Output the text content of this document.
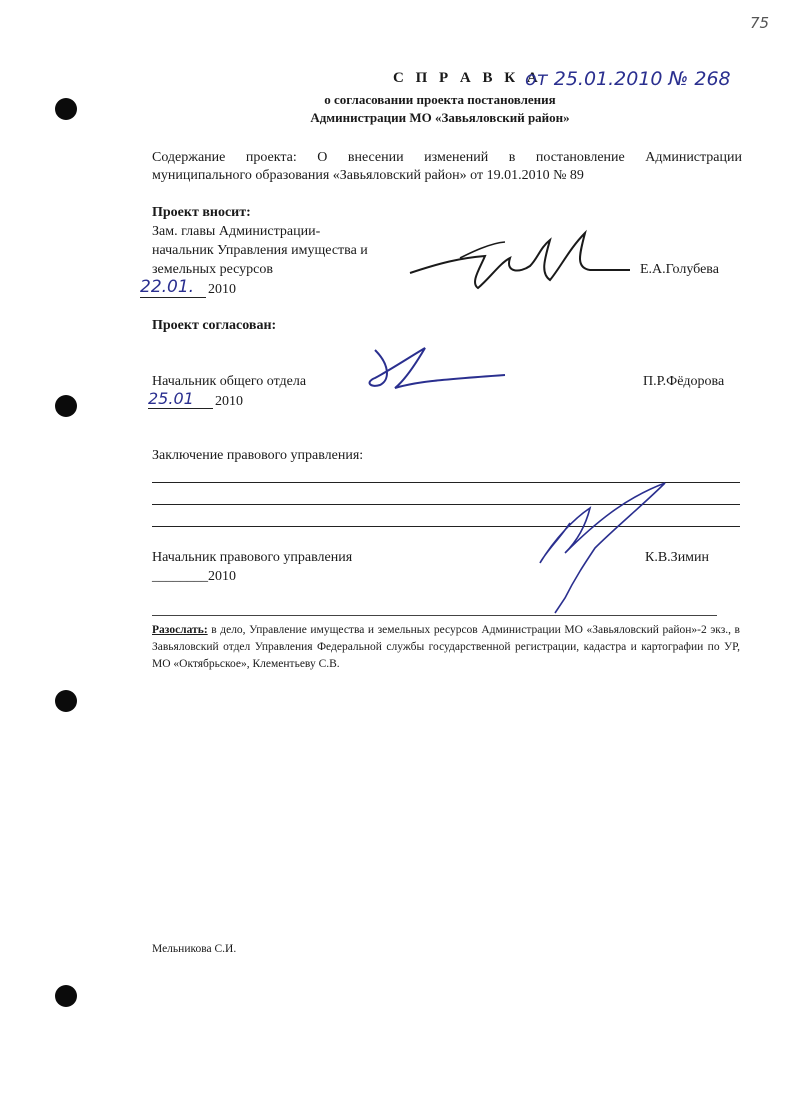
75
С П Р А В К А
от 25.01.2010 № 268
о согласовании проекта постановления
Администрации МО «Завьяловский район»
Содержание проекта: О внесении изменений в постановление Администрации
муниципального образования «Завьяловский район» от 19.01.2010 № 89
Проект вносит:
Зам. главы Администрации-
начальник Управления имущества и
земельных ресурсов
22.01. 2010
Е.А.Голубева
Проект согласован:
Начальник общего отдела
25.01	2010
П.Р.Фёдорова
Заключение правового управления:
Начальник правового управления
________2010
К.В.Зимин
Разослать: в дело, Управление имущества и земельных ресурсов Администрации МО «Завьяловский район»-2 экз., в Завьяловский отдел Управления Федеральной службы государственной регистрации, кадастра и картографии по УР, МО «Октябрьское», Клементьеву С.В.
Мельникова С.И.
